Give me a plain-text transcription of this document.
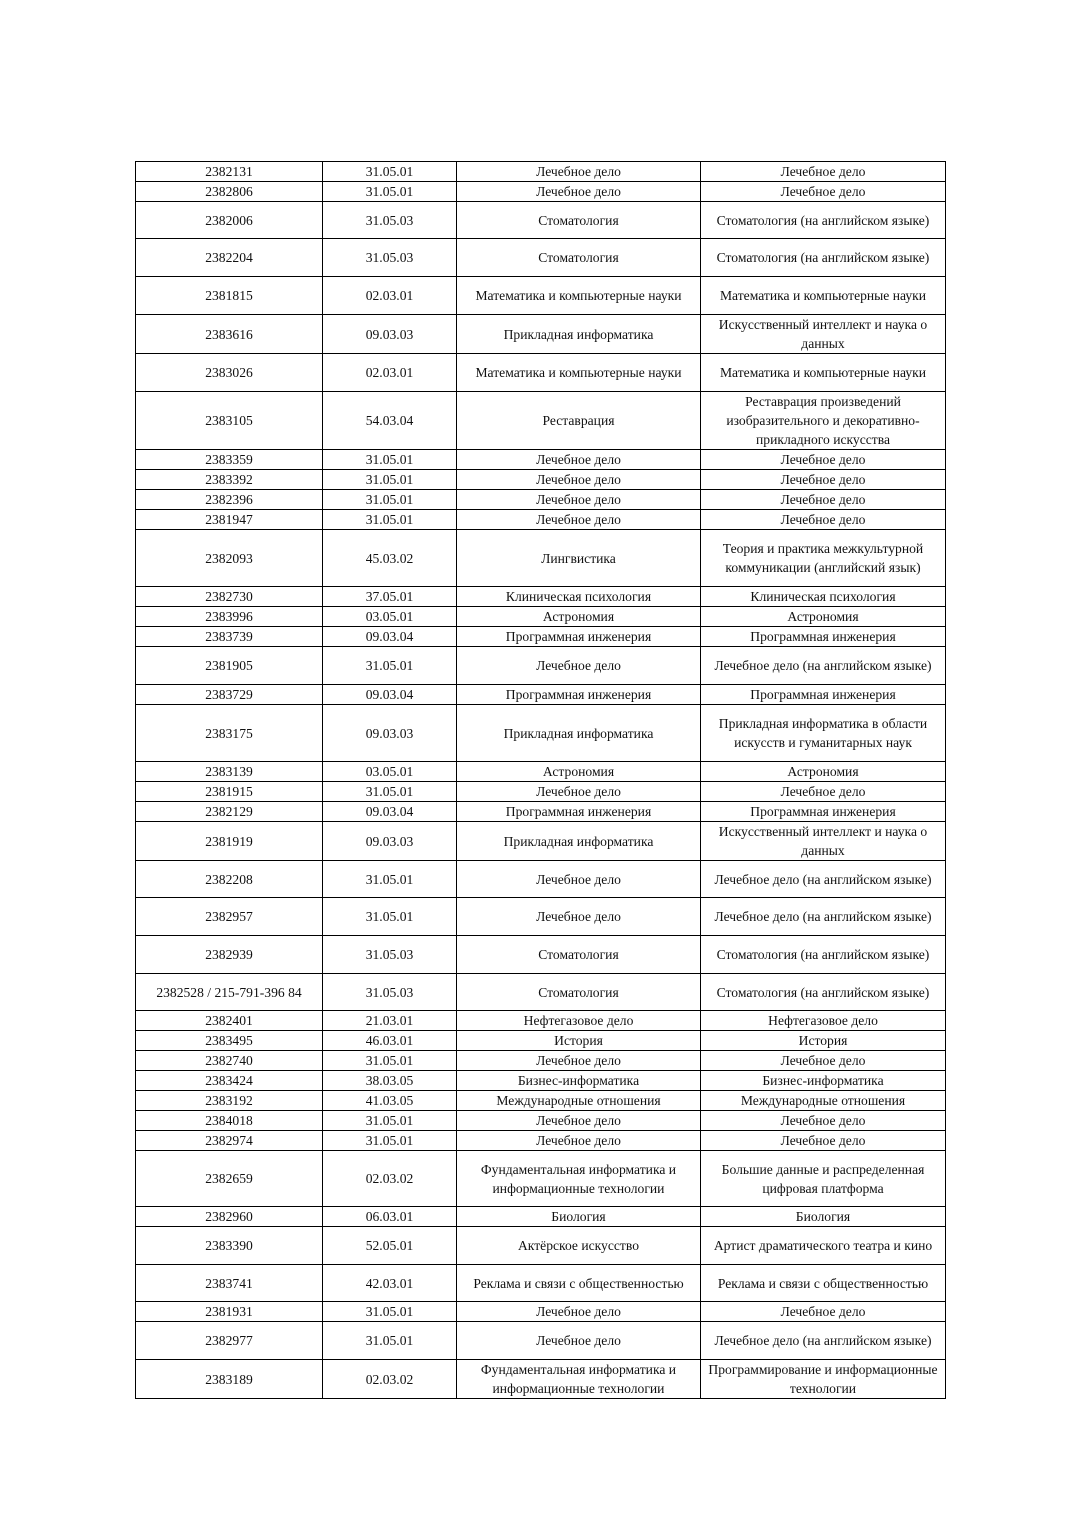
2382131	31.05.01	Лечебное дело	Лечебное дело
2382806	31.05.01	Лечебное дело	Лечебное дело
2382006	31.05.03	Стоматология	Стоматология (на английском языке)
2382204	31.05.03	Стоматология	Стоматология (на английском языке)
2381815	02.03.01	Математика и компьютерные науки	Математика и компьютерные науки
2383616	09.03.03	Прикладная информатика	Искусственный интеллект и наука о данных
2383026	02.03.01	Математика и компьютерные науки	Математика и компьютерные науки
2383105	54.03.04	Реставрация	Реставрация произведений изобразительного и декоративно-прикладного искусства
2383359	31.05.01	Лечебное дело	Лечебное дело
2383392	31.05.01	Лечебное дело	Лечебное дело
2382396	31.05.01	Лечебное дело	Лечебное дело
2381947	31.05.01	Лечебное дело	Лечебное дело
2382093	45.03.02	Лингвистика	Теория и практика межкультурной коммуникации (английский язык)
2382730	37.05.01	Клиническая психология	Клиническая психология
2383996	03.05.01	Астрономия	Астрономия
2383739	09.03.04	Программная инженерия	Программная инженерия
2381905	31.05.01	Лечебное дело	Лечебное дело (на английском языке)
2383729	09.03.04	Программная инженерия	Программная инженерия
2383175	09.03.03	Прикладная информатика	Прикладная информатика в области искусств и гуманитарных наук
2383139	03.05.01	Астрономия	Астрономия
2381915	31.05.01	Лечебное дело	Лечебное дело
2382129	09.03.04	Программная инженерия	Программная инженерия
2381919	09.03.03	Прикладная информатика	Искусственный интеллект и наука о данных
2382208	31.05.01	Лечебное дело	Лечебное дело (на английском языке)
2382957	31.05.01	Лечебное дело	Лечебное дело (на английском языке)
2382939	31.05.03	Стоматология	Стоматология (на английском языке)
2382528 / 215-791-396 84	31.05.03	Стоматология	Стоматология (на английском языке)
2382401	21.03.01	Нефтегазовое дело	Нефтегазовое дело
2383495	46.03.01	История	История
2382740	31.05.01	Лечебное дело	Лечебное дело
2383424	38.03.05	Бизнес-информатика	Бизнес-информатика
2383192	41.03.05	Международные отношения	Международные отношения
2384018	31.05.01	Лечебное дело	Лечебное дело
2382974	31.05.01	Лечебное дело	Лечебное дело
2382659	02.03.02	Фундаментальная информатика и информационные технологии	Большие данные и распределенная цифровая платформа
2382960	06.03.01	Биология	Биология
2383390	52.05.01	Актёрское искусство	Артист драматического театра и кино
2383741	42.03.01	Реклама и связи с общественностью	Реклама и связи с общественностью
2381931	31.05.01	Лечебное дело	Лечебное дело
2382977	31.05.01	Лечебное дело	Лечебное дело (на английском языке)
2383189	02.03.02	Фундаментальная информатика и информационные технологии	Программирование и информационные технологии
